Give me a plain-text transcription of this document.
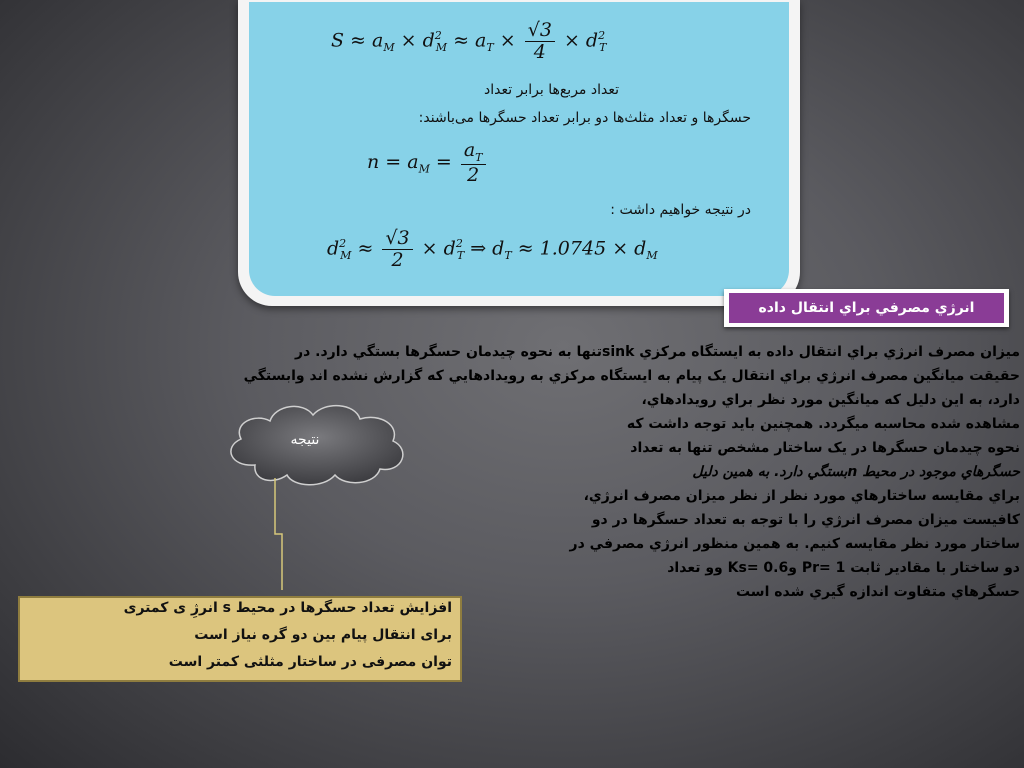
$S \approx a_M \times d^2_M \approx a_T \times \frac{√3}{4} \times d^2_T$
تعداد مربع‌ها برابر تعداد
حسگرها و تعداد مثلث‌ها دو برابر تعداد حسگرها می‌باشند:
$n = a_M = \frac{a_T}{2}$
در نتیجه خواهیم داشت :
$d^2_M \approx \frac{√3}{2} \times d^2_T$ ⇒ $d_T \approx 1.0745 \times d_M$
انرژي مصرفي براي انتقال داده
ميزان مصرف انرژي براي انتقال داده به ايستگاه مرکزي sinkتنها به نحوه چيدمان حسگرها بستگي دارد. در
حقيقت ميانگين مصرف انرژي براي انتقال يک پيام به ايستگاه مرکزي به رويدادهايي که گزارش نشده اند وابستگي
دارد، به اين دليل که ميانگين مورد نظر براي رويدادهاي،
مشاهده شده محاسبه ميگردد. همچنين بايد توجه داشت که
نحوه چيدمان حسگرها در يک ساختار مشخص تنها به تعداد
حسگرهاي موجود در محيط nبستگي دارد. به همين دليل
براي مقايسه ساختارهاي مورد نظر از نظر ميزان مصرف انرژي،
کافيست ميزان مصرف انرژي را با توجه به تعداد حسگرها در دو
ساختار مورد نظر مقايسه کنيم. به همين منظور انرژي مصرفي در
دو ساختار با مقادير ثابت Pr= 1 وKs= 0.6 وو تعداد
حسگرهاي متفاوت اندازه گيري شده است
نتيجه
افزایش تعداد حسگرها در محیط s انرژِ ی کمتری
برای انتقال پیام بین دو گره نیاز است
توان مصرفی در ساختار مثلثی کمتر است
